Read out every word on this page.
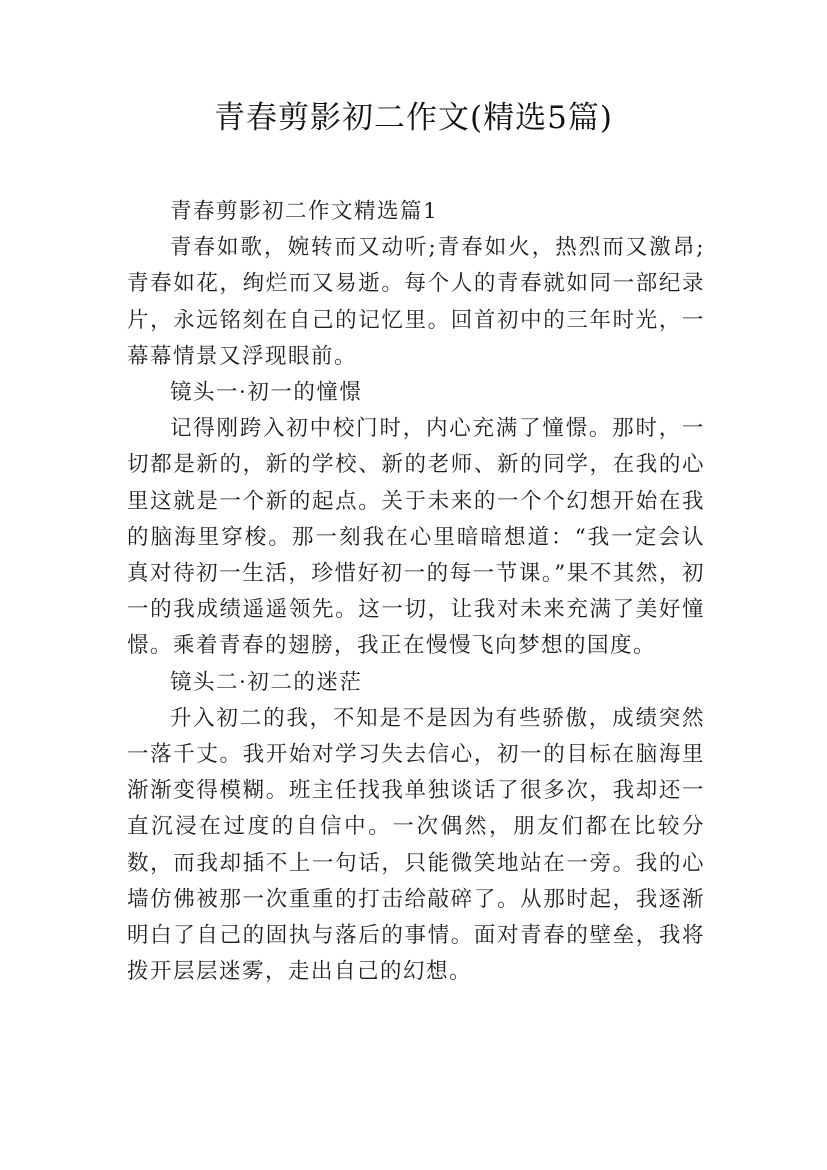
青春剪影初二作文(精选5篇)

青春剪影初二作文精选篇1

青春如歌，婉转而又动听;青春如火，热烈而又激昂;青春如花，绚烂而又易逝。每个人的青春就如同一部纪录片，永远铭刻在自己的记忆里。回首初中的三年时光，一幕幕情景又浮现眼前。

镜头一·初一的憧憬

记得刚跨入初中校门时，内心充满了憧憬。那时，一切都是新的，新的学校、新的老师、新的同学，在我的心里这就是一个新的起点。关于未来的一个个幻想开始在我的脑海里穿梭。那一刻我在心里暗暗想道：“我一定会认真对待初一生活，珍惜好初一的每一节课。”果不其然，初一的我成绩遥遥领先。这一切，让我对未来充满了美好憧憬。乘着青春的翅膀，我正在慢慢飞向梦想的国度。

镜头二·初二的迷茫

升入初二的我，不知是不是因为有些骄傲，成绩突然一落千丈。我开始对学习失去信心，初一的目标在脑海里渐渐变得模糊。班主任找我单独谈话了很多次，我却还一直沉浸在过度的自信中。一次偶然，朋友们都在比较分数，而我却插不上一句话，只能微笑地站在一旁。我的心墙仿佛被那一次重重的打击给敲碎了。从那时起，我逐渐明白了自己的固执与落后的事情。面对青春的壁垒，我将拨开层层迷雾，走出自己的幻想。
